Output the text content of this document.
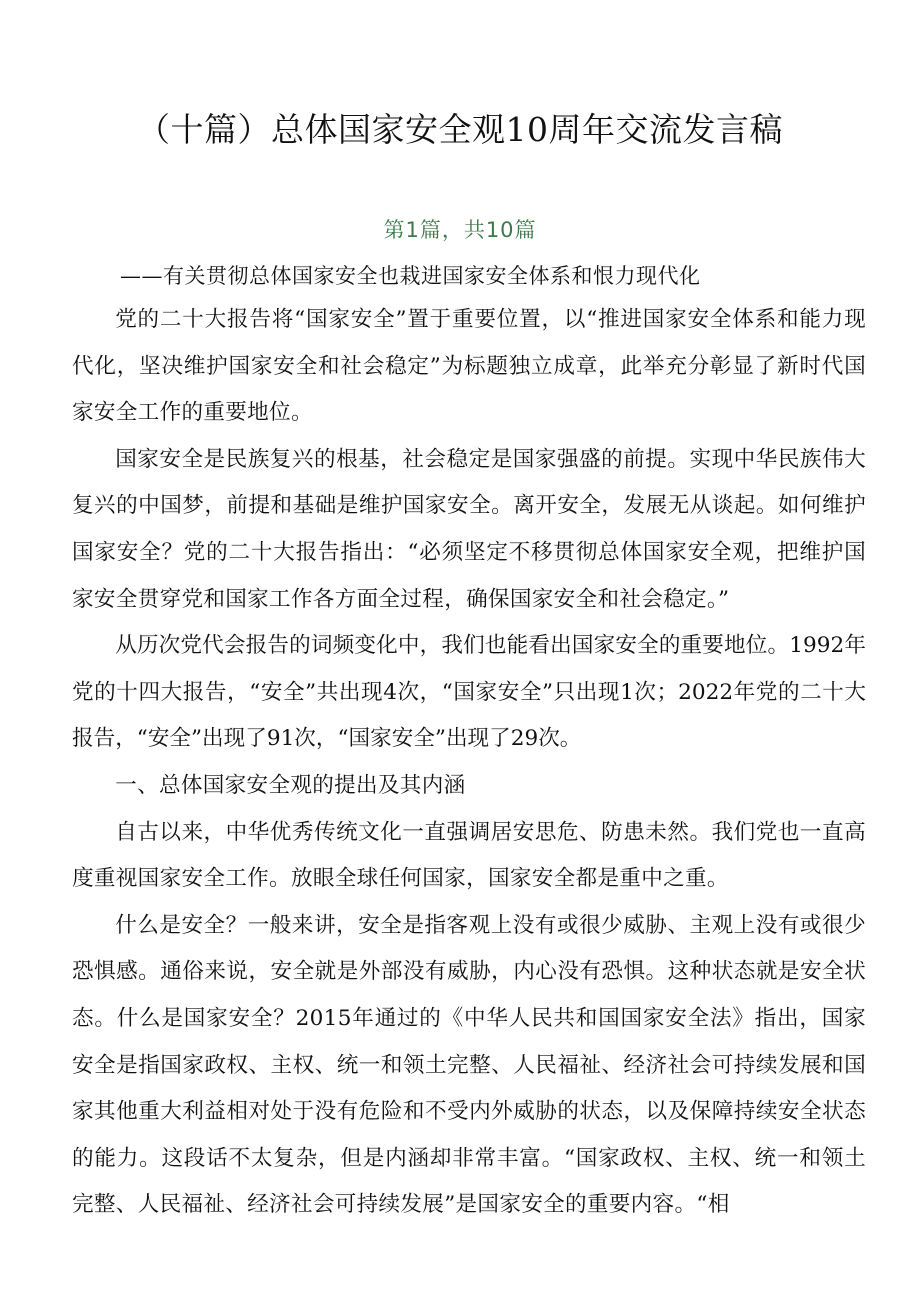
（十篇）总体国家安全观10周年交流发言稿
第1篇，共10篇
——有关贯彻总体国家安全也栽进国家安全体系和恨力现代化

党的二十大报告将“国家安全”置于重要位置，以“推进国家安全体系和能力现代化，坚决维护国家安全和社会稳定”为标题独立成章，此举充分彰显了新时代国家安全工作的重要地位。

国家安全是民族复兴的根基，社会稳定是国家强盛的前提。实现中华民族伟大复兴的中国梦，前提和基础是维护国家安全。离开安全，发展无从谈起。如何维护国家安全？党的二十大报告指出：“必须坚定不移贯彻总体国家安全观，把维护国家安全贯穿党和国家工作各方面全过程，确保国家安全和社会稳定。”

从历次党代会报告的词频变化中，我们也能看出国家安全的重要地位。1992年党的十四大报告，“安全”共出现4次，“国家安全”只出现1次；2022年党的二十大报告，“安全”出现了91次，“国家安全”出现了29次。

一、总体国家安全观的提出及其内涵

自古以来，中华优秀传统文化一直强调居安思危、防患未然。我们党也一直高度重视国家安全工作。放眼全球任何国家，国家安全都是重中之重。

什么是安全？一般来讲，安全是指客观上没有或很少威胁、主观上没有或很少恐惧感。通俗来说，安全就是外部没有威胁，内心没有恐惧。这种状态就是安全状态。什么是国家安全？2015年通过的《中华人民共和国国家安全法》指出，国家安全是指国家政权、主权、统一和领土完整、人民福祉、经济社会可持续发展和国家其他重大利益相对处于没有危险和不受内外威胁的状态，以及保障持续安全状态的能力。这段话不太复杂，但是内涵却非常丰富。“国家政权、主权、统一和领土完整、人民福祉、经济社会可持续发展”是国家安全的重要内容。“相
